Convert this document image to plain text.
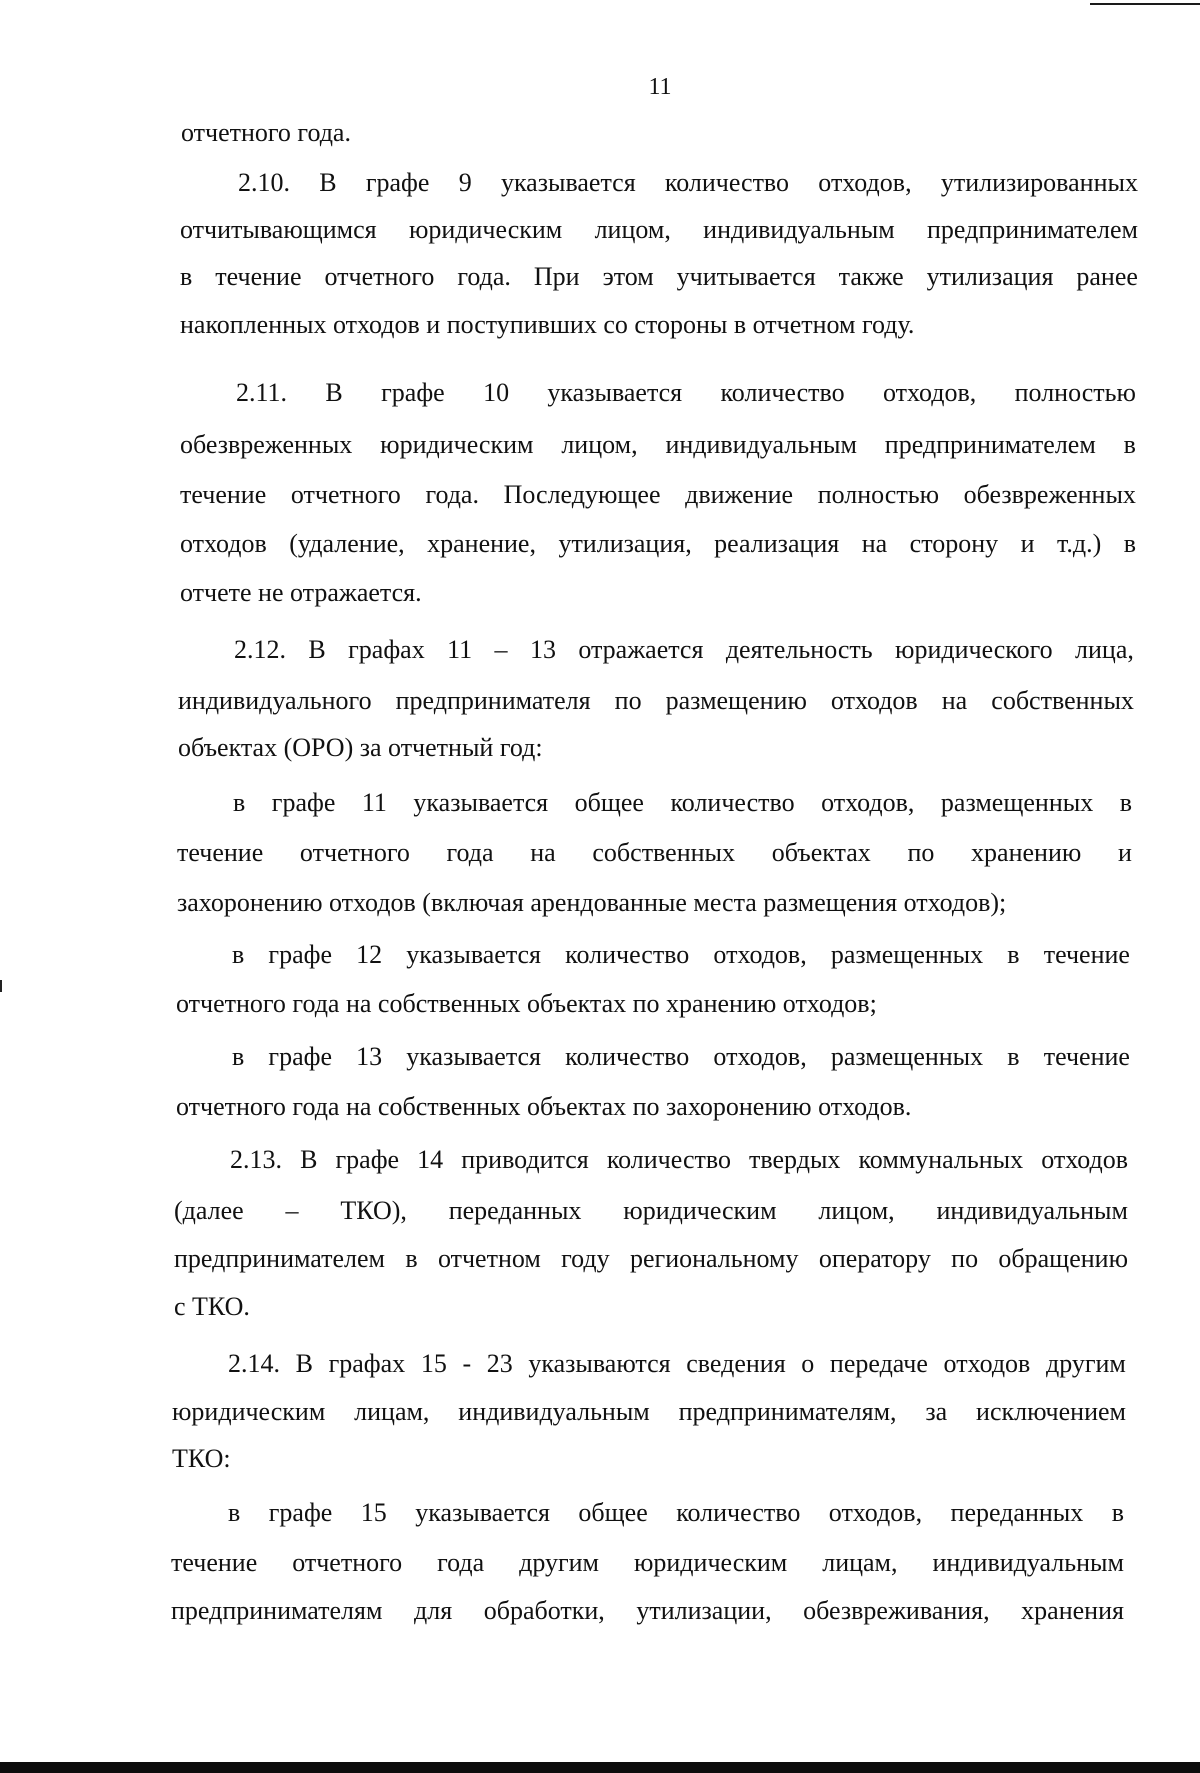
11
отчетного года.
2.10. В графе 9 указывается количество отходов, утилизированных
отчитывающимся юридическим лицом, индивидуальным предпринимателем
в течение отчетного года. При этом учитывается также утилизация ранее
накопленных отходов и поступивших со стороны в отчетном году.
2.11. В графе 10 указывается количество отходов, полностью
обезвреженных юридическим лицом, индивидуальным предпринимателем в
течение отчетного года. Последующее движение полностью обезвреженных
отходов (удаление, хранение, утилизация, реализация на сторону и т.д.) в
отчете не отражается.
2.12. В графах 11 – 13 отражается деятельность юридического лица,
индивидуального предпринимателя по размещению отходов на собственных
объектах (ОРО) за отчетный год:
в графе 11 указывается общее количество отходов, размещенных в
течение отчетного года на собственных объектах по хранению и
захоронению отходов (включая арендованные места размещения отходов);
в графе 12 указывается количество отходов, размещенных в течение
отчетного года на собственных объектах по хранению отходов;
в графе 13 указывается количество отходов, размещенных в течение
отчетного года на собственных объектах по захоронению отходов.
2.13. В графе 14 приводится количество твердых коммунальных отходов
(далее – ТКО), переданных юридическим лицом, индивидуальным
предпринимателем в отчетном году региональному оператору по обращению
с ТКО.
2.14. В графах 15 - 23 указываются сведения о передаче отходов другим
юридическим лицам, индивидуальным предпринимателям, за исключением
ТКО:
в графе 15 указывается общее количество отходов, переданных в
течение отчетного года другим юридическим лицам, индивидуальным
предпринимателям для обработки, утилизации, обезвреживания, хранения
